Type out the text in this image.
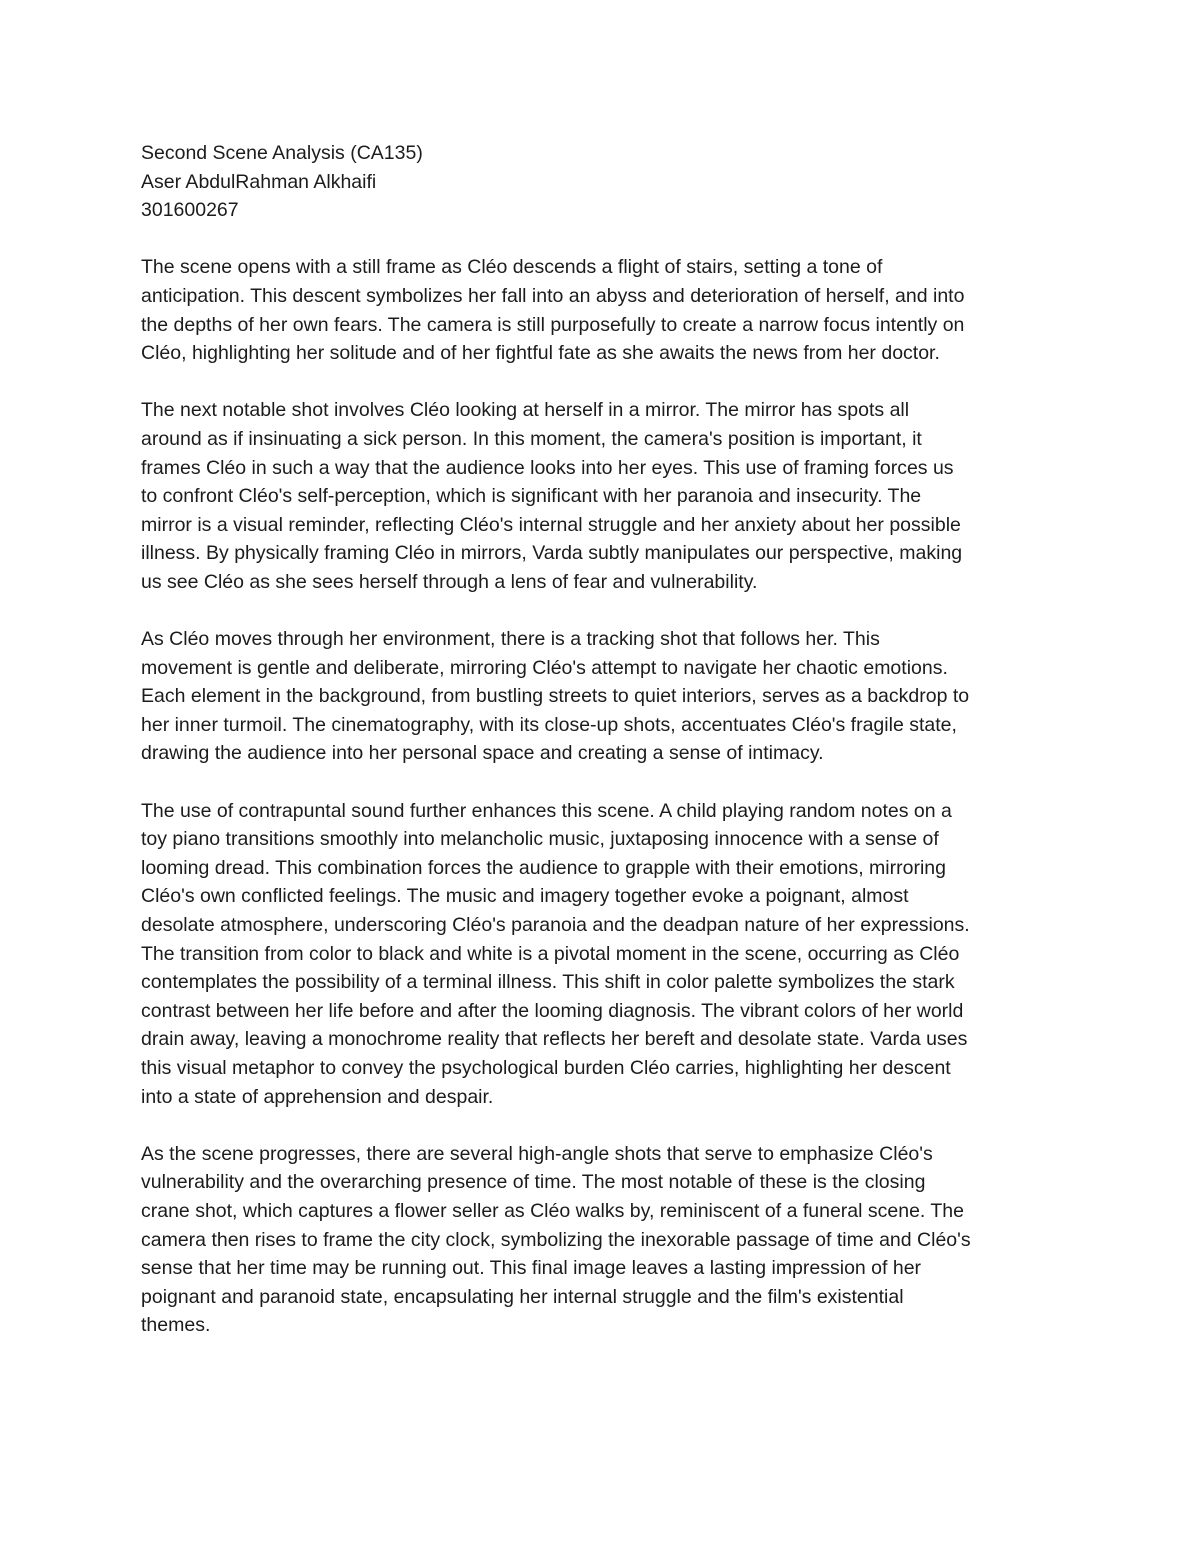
Second Scene Analysis (CA135)

Aser AbdulRahman Alkhaifi

301600267

The scene opens with a still frame as Cléo descends a flight of stairs, setting a tone of
anticipation. This descent symbolizes her fall into an abyss and deterioration of herself, and into
the depths of her own fears. The camera is still purposefully to create a narrow focus intently on
Cléo, highlighting her solitude and of her fightful fate as she awaits the news from her doctor.

The next notable shot involves Cléo looking at herself in a mirror. The mirror has spots all
around as if insinuating a sick person. In this moment, the camera's position is important, it
frames Cléo in such a way that the audience looks into her eyes. This use of framing forces us
to confront Cléo's self-perception, which is significant with her paranoia and insecurity. The
mirror is a visual reminder, reflecting Cléo's internal struggle and her anxiety about her possible
illness. By physically framing Cléo in mirrors, Varda subtly manipulates our perspective, making
us see Cléo as she sees herself through a lens of fear and vulnerability.

As Cléo moves through her environment, there is a tracking shot that follows her. This
movement is gentle and deliberate, mirroring Cléo's attempt to navigate her chaotic emotions.
Each element in the background, from bustling streets to quiet interiors, serves as a backdrop to
her inner turmoil. The cinematography, with its close-up shots, accentuates Cléo's fragile state,
drawing the audience into her personal space and creating a sense of intimacy.

The use of contrapuntal sound further enhances this scene. A child playing random notes on a
toy piano transitions smoothly into melancholic music, juxtaposing innocence with a sense of
looming dread. This combination forces the audience to grapple with their emotions, mirroring
Cléo's own conflicted feelings. The music and imagery together evoke a poignant, almost
desolate atmosphere, underscoring Cléo's paranoia and the deadpan nature of her expressions.
The transition from color to black and white is a pivotal moment in the scene, occurring as Cléo
contemplates the possibility of a terminal illness. This shift in color palette symbolizes the stark
contrast between her life before and after the looming diagnosis. The vibrant colors of her world
drain away, leaving a monochrome reality that reflects her bereft and desolate state. Varda uses
this visual metaphor to convey the psychological burden Cléo carries, highlighting her descent
into a state of apprehension and despair.

As the scene progresses, there are several high-angle shots that serve to emphasize Cléo's
vulnerability and the overarching presence of time. The most notable of these is the closing
crane shot, which captures a flower seller as Cléo walks by, reminiscent of a funeral scene. The
camera then rises to frame the city clock, symbolizing the inexorable passage of time and Cléo's
sense that her time may be running out. This final image leaves a lasting impression of her
poignant and paranoid state, encapsulating her internal struggle and the film's existential
themes.
